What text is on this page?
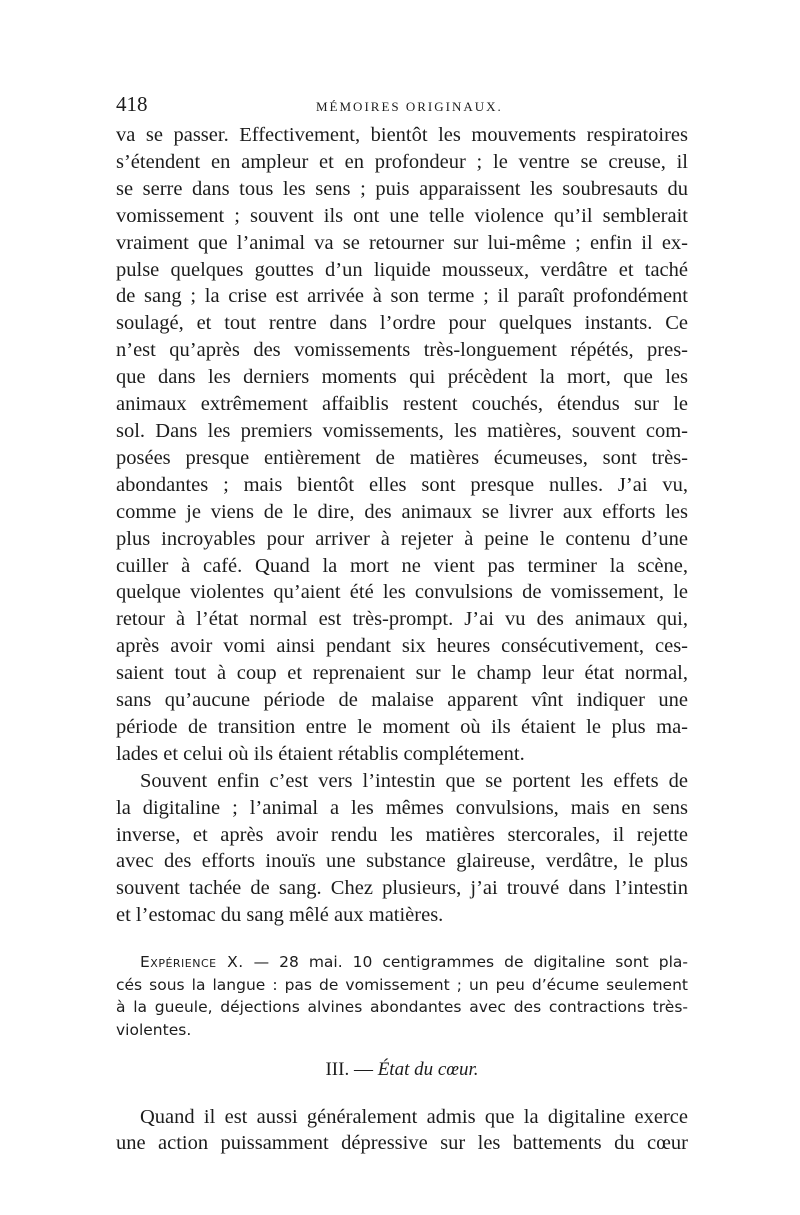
418	MÉMOIRES ORIGINAUX.
va se passer. Effectivement, bientôt les mouvements respiratoires
s’étendent en ampleur et en profondeur ; le ventre se creuse, il
se serre dans tous les sens ; puis apparaissent les soubresauts du
vomissement ; souvent ils ont une telle violence qu’il semblerait
vraiment que l’animal va se retourner sur lui-même ; enfin il ex-
pulse quelques gouttes d’un liquide mousseux, verdâtre et taché
de sang ; la crise est arrivée à son terme ; il paraît profondément
soulagé, et tout rentre dans l’ordre pour quelques instants. Ce
n’est qu’après des vomissements très-longuement répétés, pres-
que dans les derniers moments qui précèdent la mort, que les
animaux extrêmement affaiblis restent couchés, étendus sur le
sol. Dans les premiers vomissements, les matières, souvent com-
posées presque entièrement de matières écumeuses, sont très-
abondantes ; mais bientôt elles sont presque nulles. J’ai vu,
comme je viens de le dire, des animaux se livrer aux efforts les
plus incroyables pour arriver à rejeter à peine le contenu d’une
cuiller à café. Quand la mort ne vient pas terminer la scène,
quelque violentes qu’aient été les convulsions de vomissement, le
retour à l’état normal est très-prompt. J’ai vu des animaux qui,
après avoir vomi ainsi pendant six heures consécutivement, ces-
saient tout à coup et reprenaient sur le champ leur état normal,
sans qu’aucune période de malaise apparent vînt indiquer une
période de transition entre le moment où ils étaient le plus ma-
lades et celui où ils étaient rétablis complétement.
Souvent enfin c’est vers l’intestin que se portent les effets de
la digitaline ; l’animal a les mêmes convulsions, mais en sens
inverse, et après avoir rendu les matières stercorales, il rejette
avec des efforts inouïs une substance glaireuse, verdâtre, le plus
souvent tachée de sang. Chez plusieurs, j’ai trouvé dans l’intestin
et l’estomac du sang mêlé aux matières.
Expérience X. — 28 mai. 10 centigrammes de digitaline sont pla-
cés sous la langue : pas de vomissement ; un peu d’écume seulement
à la gueule, déjections alvines abondantes avec des contractions très-
violentes.
III. — État du cœur.
Quand il est aussi généralement admis que la digitaline exerce
une action puissamment dépressive sur les battements du cœur
